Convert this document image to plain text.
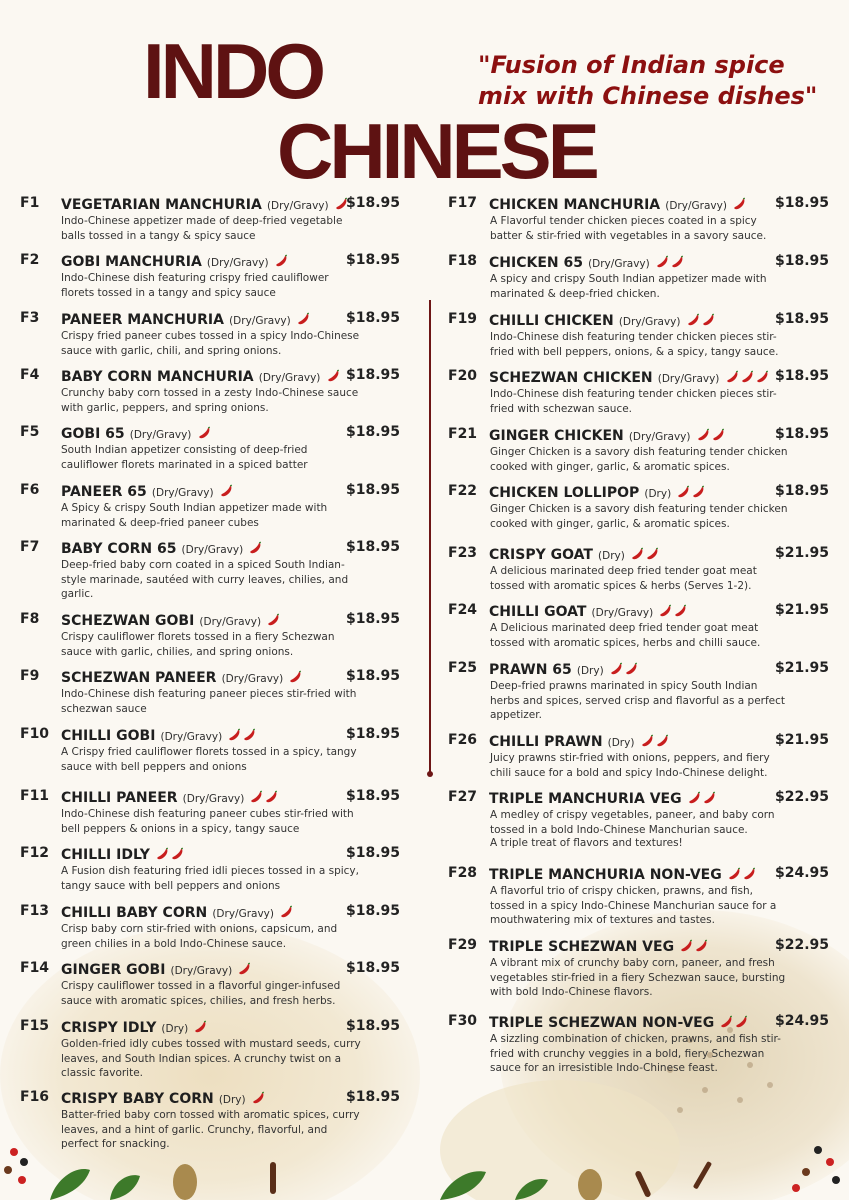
INDO
CHINESE
"Fusion of Indian spice mix with Chinese dishes"
F1	VEGETARIAN MANCHURIA (Dry/Gravy)	$18.95
Indo-Chinese appetizer made of deep-fried vegetable balls tossed in a tangy & spicy sauce
F2	GOBI MANCHURIA (Dry/Gravy)	$18.95
Indo-Chinese dish featuring crispy fried cauliflower florets tossed in a tangy and spicy sauce
F3	PANEER MANCHURIA (Dry/Gravy)	$18.95
Crispy fried paneer cubes tossed in a spicy Indo-Chinese sauce with garlic, chili, and spring onions.
F4	BABY CORN MANCHURIA (Dry/Gravy)	$18.95
Crunchy baby corn tossed in a zesty Indo-Chinese sauce with garlic, peppers, and spring onions.
F5	GOBI 65 (Dry/Gravy)	$18.95
South Indian appetizer consisting of deep-fried cauliflower florets marinated in a spiced batter
F6	PANEER 65 (Dry/Gravy)	$18.95
A Spicy & crispy South Indian appetizer made with marinated & deep-fried paneer cubes
F7	BABY CORN 65 (Dry/Gravy)	$18.95
Deep-fried baby corn coated in a spiced South Indian-style marinade, sautéed with curry leaves, chilies, and garlic.
F8	SCHEZWAN GOBI (Dry/Gravy)	$18.95
Crispy cauliflower florets tossed in a fiery Schezwan sauce with garlic, chilies, and spring onions.
F9	SCHEZWAN PANEER (Dry/Gravy)	$18.95
Indo-Chinese dish featuring paneer pieces stir-fried with schezwan sauce
F10 CHILLI GOBI (Dry/Gravy)	$18.95
A Crispy fried cauliflower florets tossed in a spicy, tangy sauce with bell peppers and onions
F11 CHILLI PANEER (Dry/Gravy)	$18.95
Indo-Chinese dish featuring paneer cubes stir-fried with bell peppers & onions in a spicy, tangy sauce
F12 CHILLI IDLY	$18.95
A Fusion dish featuring fried idli pieces tossed in a spicy, tangy sauce with bell peppers and onions
F13 CHILLI BABY CORN (Dry/Gravy)	$18.95
Crisp baby corn stir-fried with onions, capsicum, and green chilies in a bold Indo-Chinese sauce.
F14 GINGER GOBI (Dry/Gravy)	$18.95
Crispy cauliflower tossed in a flavorful ginger-infused sauce with aromatic spices, chilies, and fresh herbs.
F15 CRISPY IDLY (Dry)	$18.95
Golden-fried idly cubes tossed with mustard seeds, curry leaves, and South Indian spices. A crunchy twist on a classic favorite.
F16 CRISPY BABY CORN (Dry)	$18.95
Batter-fried baby corn tossed with aromatic spices, curry leaves, and a hint of garlic. Crunchy, flavorful, and perfect for snacking.
F17 CHICKEN MANCHURIA (Dry/Gravy)	$18.95
A Flavorful tender chicken pieces coated in a spicy batter & stir-fried with vegetables in a savory sauce.
F18 CHICKEN 65 (Dry/Gravy)	$18.95
A spicy and crispy South Indian appetizer made with marinated & deep-fried chicken.
F19 CHILLI CHICKEN (Dry/Gravy)	$18.95
Indo-Chinese dish featuring tender chicken pieces stir-fried with bell peppers, onions, & a spicy, tangy sauce.
F20 SCHEZWAN CHICKEN (Dry/Gravy)	$18.95
Indo-Chinese dish featuring tender chicken pieces stir-fried with schezwan sauce.
F21 GINGER CHICKEN (Dry/Gravy)	$18.95
Ginger Chicken is a savory dish featuring tender chicken cooked with ginger, garlic, & aromatic spices.
F22 CHICKEN LOLLIPOP (Dry)	$18.95
Ginger Chicken is a savory dish featuring tender chicken cooked with ginger, garlic, & aromatic spices.
F23 CRISPY GOAT (Dry)	$21.95
A delicious marinated deep fried tender goat meat tossed with aromatic spices & herbs (Serves 1-2).
F24 CHILLI GOAT (Dry/Gravy)	$21.95
A Delicious marinated deep fried tender goat meat tossed with aromatic spices, herbs and chilli sauce.
F25 PRAWN 65 (Dry)	$21.95
Deep-fried prawns marinated in spicy South Indian herbs and spices, served crisp and flavorful as a perfect appetizer.
F26 CHILLI PRAWN (Dry)	$21.95
Juicy prawns stir-fried with onions, peppers, and fiery chili sauce for a bold and spicy Indo-Chinese delight.
F27 TRIPLE MANCHURIA VEG	$22.95
A medley of crispy vegetables, paneer, and baby corn tossed in a bold Indo-Chinese Manchurian sauce.
A triple treat of flavors and textures!
F28 TRIPLE MANCHURIA NON-VEG	$24.95
A flavorful trio of crispy chicken, prawns, and fish, tossed in a spicy Indo-Chinese Manchurian sauce for a mouthwatering mix of textures and tastes.
F29 TRIPLE SCHEZWAN VEG	$22.95
A vibrant mix of crunchy baby corn, paneer, and fresh vegetables stir-fried in a fiery Schezwan sauce, bursting with bold Indo-Chinese flavors.
F30 TRIPLE SCHEZWAN NON-VEG	$24.95
A sizzling combination of chicken, prawns, and fish stir-fried with crunchy veggies in a bold, fiery Schezwan sauce for an irresistible Indo-Chinese feast.
